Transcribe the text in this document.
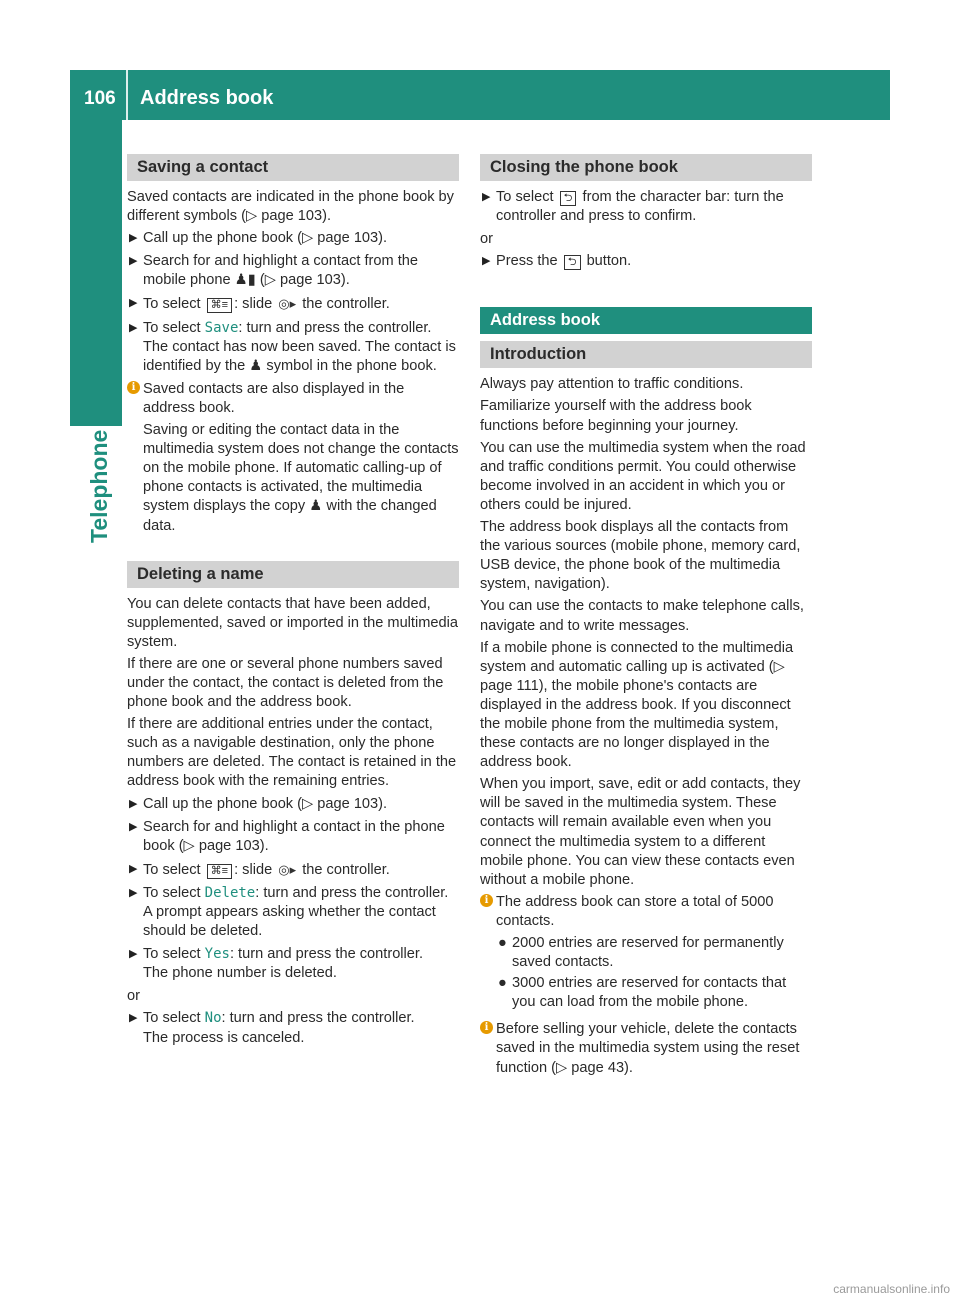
106 Address book
Telephone
Saving a contact

Saved contacts are indicated in the phone book by different symbols (▷ page 103).

▶ Call up the phone book (▷ page 103).
▶ Search for and highlight a contact from the mobile phone ♟▮ (▷ page 103).
▶ To select ⌘≡ : slide ◎▸ the controller.
▶ To select Save: turn and press the controller. The contact has now been saved. The contact is identified by the ♟ symbol in the phone book.
i Saved contacts are also displayed in the address book.

Saving or editing the contact data in the multimedia system does not change the contacts on the mobile phone. If automatic calling-up of phone contacts is activated, the multimedia system displays the copy ♟ with the changed data.

Deleting a name

You can delete contacts that have been added, supplemented, saved or imported in the multimedia system.

If there are one or several phone numbers saved under the contact, the contact is deleted from the phone book and the address book.

If there are additional entries under the contact, such as a navigable destination, only the phone numbers are deleted. The contact is retained in the address book with the remaining entries.

▶ Call up the phone book (▷ page 103).
▶ Search for and highlight a contact in the phone book (▷ page 103).
▶ To select ⌘≡ : slide ◎▸ the controller.
▶ To select Delete: turn and press the controller.
A prompt appears asking whether the contact should be deleted.
▶ To select Yes: turn and press the controller.
The phone number is deleted.

or

▶ To select No: turn and press the controller.
The process is canceled.
Closing the phone book
▶ To select ⮌ from the character bar: turn the controller and press to confirm.

or

▶ Press the ⮌ button.
Address book
Introduction

Always pay attention to traffic conditions.

Familiarize yourself with the address book functions before beginning your journey.

You can use the multimedia system when the road and traffic conditions permit. You could otherwise become involved in an accident in which you or others could be injured.

The address book displays all the contacts from the various sources (mobile phone, memory card, USB device, the phone book of the multimedia system, navigation).

You can use the contacts to make telephone calls, navigate and to write messages.

If a mobile phone is connected to the multimedia system and automatic calling up is activated (▷ page 111), the mobile phone's contacts are displayed in the address book. If you disconnect the mobile phone from the multimedia system, these contacts are no longer displayed in the address book.

When you import, save, edit or add contacts, they will be saved in the multimedia system. These contacts will remain available even when you connect the multimedia system to a different mobile phone. You can view these contacts even without a mobile phone.

i The address book can store a total of 5000 contacts.
● 2000 entries are reserved for permanently saved contacts.
● 3000 entries are reserved for contacts that you can load from the mobile phone.
i Before selling your vehicle, delete the contacts saved in the multimedia system using the reset function (▷ page 43).
carmanualsonline.info
